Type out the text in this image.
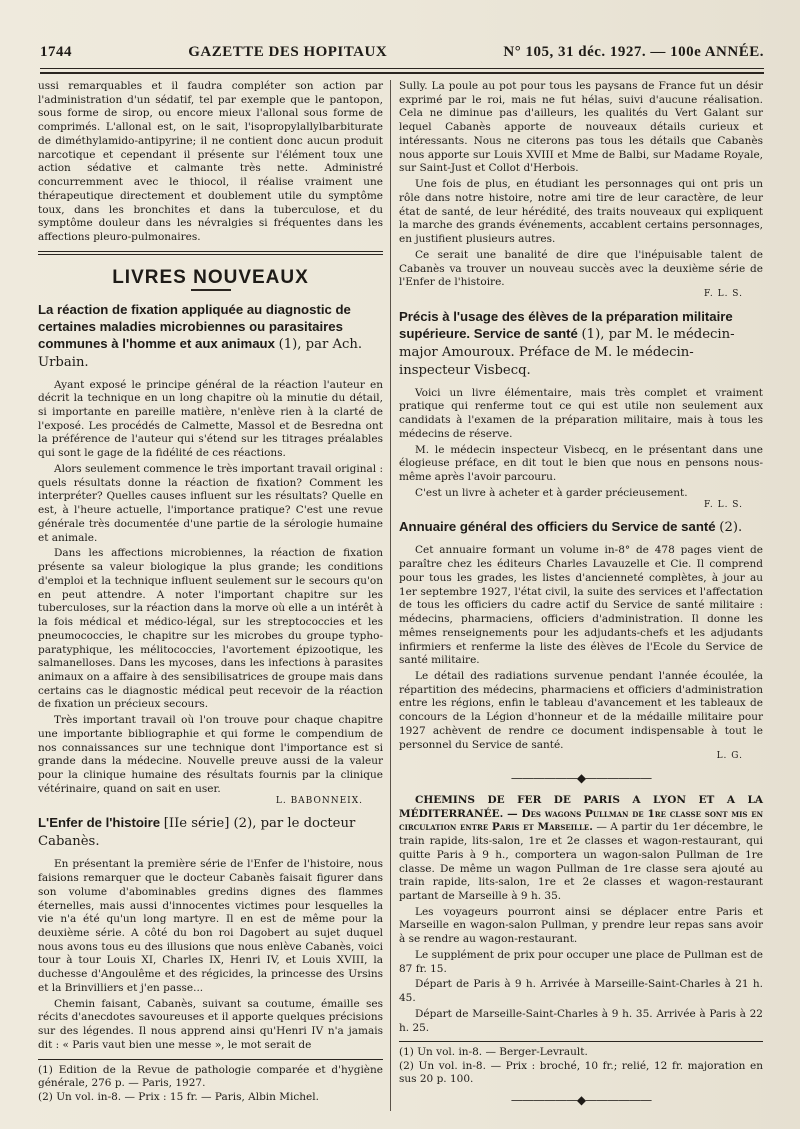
1744	GAZETTE DES HOPITAUX	N° 105, 31 déc. 1927. — 100e ANNÉE.

ussi remarquables et il faudra compléter son action par l'administration d'un sédatif, tel par exemple que le pantopon, sous forme de sirop, ou encore mieux l'allonal sous forme de comprimés. L'allonal est, on le sait, l'isopropylallylbarbiturate de diméthylamido-antipyrine; il ne contient donc aucun produit narcotique et cependant il présente sur l'élément toux une action sédative et calmante très nette. Administré concurremment avec le thiocol, il réalise vraiment une thérapeutique directement et doublement utile du symptôme toux, dans les bronchites et dans la tuberculose, et du symptôme douleur dans les névralgies si fréquentes dans les affections pleuro-pulmonaires.

LIVRES NOUVEAUX
La réaction de fixation appliquée au diagnostic de certaines maladies microbiennes ou parasitaires communes à l'homme et aux animaux (1), par Ach. Urbain.

Ayant exposé le principe général de la réaction l'auteur en décrit la technique en un long chapitre où la minutie du détail, si importante en pareille matière, n'enlève rien à la clarté de l'exposé. Les procédés de Calmette, Massol et de Besredna ont la préférence de l'auteur qui s'étend sur les titrages préalables qui sont le gage de la fidélité de ces réactions.

Alors seulement commence le très important travail original : quels résultats donne la réaction de fixation? Comment les interpréter? Quelles causes influent sur les résultats? Quelle en est, à l'heure actuelle, l'importance pratique? C'est une revue générale très documentée d'une partie de la sérologie humaine et animale.

Dans les affections microbiennes, la réaction de fixation présente sa valeur biologique la plus grande; les conditions d'emploi et la technique influent seulement sur le secours qu'on en peut attendre. A noter l'important chapitre sur les tuberculoses, sur la réaction dans la morve où elle a un intérêt à la fois médical et médico-légal, sur les streptococcies et les pneumococcies, le chapitre sur les microbes du groupe typho-paratyphique, les mélitococcies, l'avortement épizootique, les salmanelloses. Dans les mycoses, dans les infections à parasites animaux on a affaire à des sensibilisatrices de groupe mais dans certains cas le diagnostic médical peut recevoir de la réaction de fixation un précieux secours.

Très important travail où l'on trouve pour chaque chapitre une importante bibliographie et qui forme le compendium de nos connaissances sur une technique dont l'importance est si grande dans la médecine. Nouvelle preuve aussi de la valeur pour la clinique humaine des résultats fournis par la clinique vétérinaire, quand on sait en user.

L. BABONNEIX.
L'Enfer de l'histoire [IIe série] (2), par le docteur Cabanès.

En présentant la première série de l'Enfer de l'histoire, nous faisions remarquer que le docteur Cabanès faisait figurer dans son volume d'abominables gredins dignes des flammes éternelles, mais aussi d'innocentes victimes pour lesquelles la vie n'a été qu'un long martyre. Il en est de même pour la deuxième série. A côté du bon roi Dagobert au sujet duquel nous avons tous eu des illusions que nous enlève Cabanès, voici tour à tour Louis XI, Charles IX, Henri IV, et Louis XVIII, la duchesse d'Angoulême et des régicides, la princesse des Ursins et la Brinvilliers et j'en passe...

Chemin faisant, Cabanès, suivant sa coutume, émaille ses récits d'anecdotes savoureuses et il apporte quelques précisions sur des légendes. Il nous apprend ainsi qu'Henri IV n'a jamais dit : « Paris vaut bien une messe », le mot serait de

(1) Edition de la Revue de pathologie comparée et d'hygiène générale, 276 p. — Paris, 1927.
(2) Un vol. in-8. — Prix : 15 fr. — Paris, Albin Michel.

Sully. La poule au pot pour tous les paysans de France fut un désir exprimé par le roi, mais ne fut hélas, suivi d'aucune réalisation. Cela ne diminue pas d'ailleurs, les qualités du Vert Galant sur lequel Cabanès apporte de nouveaux détails curieux et intéressants. Nous ne citerons pas tous les détails que Cabanès nous apporte sur Louis XVIII et Mme de Balbi, sur Madame Royale, sur Saint-Just et Collot d'Herbois.

Une fois de plus, en étudiant les personnages qui ont pris un rôle dans notre histoire, notre ami tire de leur caractère, de leur état de santé, de leur hérédité, des traits nouveaux qui expliquent la marche des grands événements, accablent certains personnages, en justifient plusieurs autres.

Ce serait une banalité de dire que l'inépuisable talent de Cabanès va trouver un nouveau succès avec la deuxième série de l'Enfer de l'histoire.

F. L. S.
Précis à l'usage des élèves de la préparation militaire supérieure. Service de santé (1), par M. le médecin-major Amouroux. Préface de M. le médecin-inspecteur Visbecq.

Voici un livre élémentaire, mais très complet et vraiment pratique qui renferme tout ce qui est utile non seulement aux candidats à l'examen de la préparation militaire, mais à tous les médecins de réserve.

M. le médecin inspecteur Visbecq, en le présentant dans une élogieuse préface, en dit tout le bien que nous en pensons nous-même après l'avoir parcouru.

C'est un livre à acheter et à garder précieusement.

F. L. S.
Annuaire général des officiers du Service de santé (2).

Cet annuaire formant un volume in-8° de 478 pages vient de paraître chez les éditeurs Charles Lavauzelle et Cie. Il comprend pour tous les grades, les listes d'ancienneté complètes, à jour au 1er septembre 1927, l'état civil, la suite des services et l'affectation de tous les officiers du cadre actif du Service de santé militaire : médecins, pharmaciens, officiers d'administration. Il donne les mêmes renseignements pour les adjudants-chefs et les adjudants infirmiers et renferme la liste des élèves de l'Ecole du Service de santé militaire.

Le détail des radiations survenue pendant l'année écoulée, la répartition des médecins, pharmaciens et officiers d'administration entre les régions, enfin le tableau d'avancement et les tableaux de concours de la Légion d'honneur et de la médaille militaire pour 1927 achèvent de rendre ce document indispensable à tout le personnel du Service de santé.

L. G.
——————◆——————

CHEMINS DE FER DE PARIS A LYON ET A LA MÉDITERRANÉE. — Des wagons Pullman de 1re classe sont mis en circulation entre Paris et Marseille. — A partir du 1er décembre, le train rapide, lits-salon, 1re et 2e classes et wagon-restaurant, qui quitte Paris à 9 h., comportera un wagon-salon Pullman de 1re classe. De même un wagon Pullman de 1re classe sera ajouté au train rapide, lits-salon, 1re et 2e classes et wagon-restaurant partant de Marseille à 9 h. 35.

Les voyageurs pourront ainsi se déplacer entre Paris et Marseille en wagon-salon Pullman, y prendre leur repas sans avoir à se rendre au wagon-restaurant.

Le supplément de prix pour occuper une place de Pullman est de 87 fr. 15.

Départ de Paris à 9 h. Arrivée à Marseille-Saint-Charles à 21 h. 45.

Départ de Marseille-Saint-Charles à 9 h. 35. Arrivée à Paris à 22 h. 25.

(1) Un vol. in-8. — Berger-Levrault.
(2) Un vol. in-8. — Prix : broché, 10 fr.; relié, 12 fr. majoration en sus 20 p. 100.
——————◆——————
